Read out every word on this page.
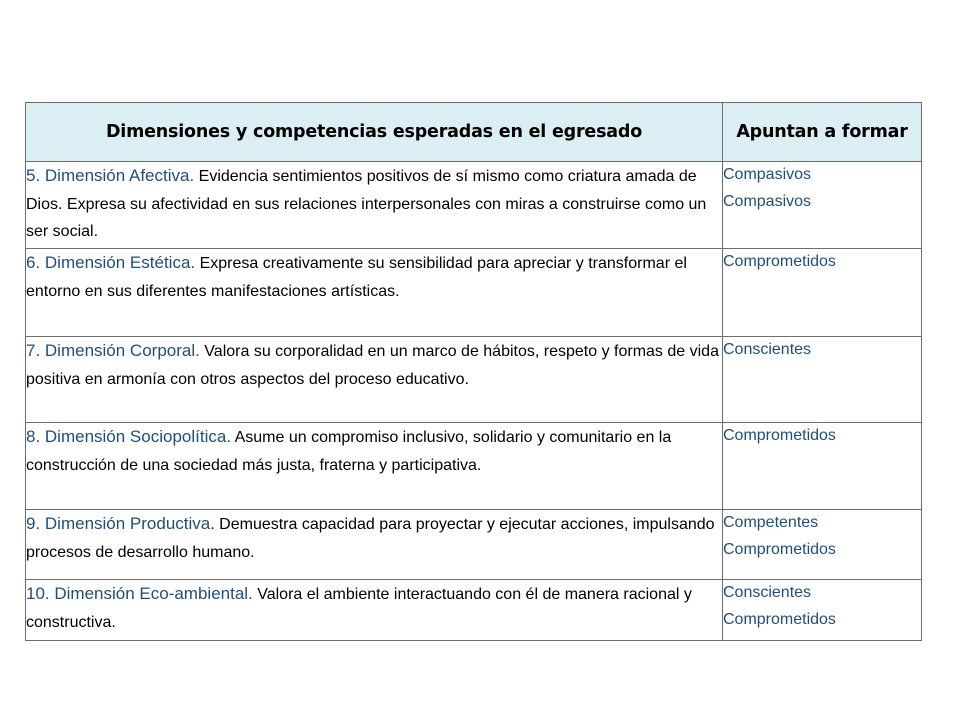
Dimensiones y competencias esperadas en el egresado	Apuntan a formar
5. Dimensión Afectiva. Evidencia sentimientos positivos de sí mismo como criatura amada de Dios. Expresa su afectividad en sus relaciones interpersonales con miras a construirse como un ser social.	Compasivos
Compasivos

6. Dimensión Estética. Expresa creativamente su sensibilidad para apreciar y transformar el entorno en sus diferentes manifestaciones artísticas.	Comprometidos

7. Dimensión Corporal. Valora su corporalidad en un marco de hábitos, respeto y formas de vida positiva en armonía con otros aspectos del proceso educativo.	Conscientes

8. Dimensión Sociopolítica. Asume un compromiso inclusivo, solidario y comunitario en la construcción de una sociedad más justa, fraterna y participativa.	Comprometidos

9. Dimensión Productiva. Demuestra capacidad para proyectar y ejecutar acciones, impulsando procesos de desarrollo humano.	Competentes
Comprometidos

10. Dimensión Eco-ambiental. Valora el ambiente interactuando con él de manera racional y constructiva.	Conscientes
Comprometidos
